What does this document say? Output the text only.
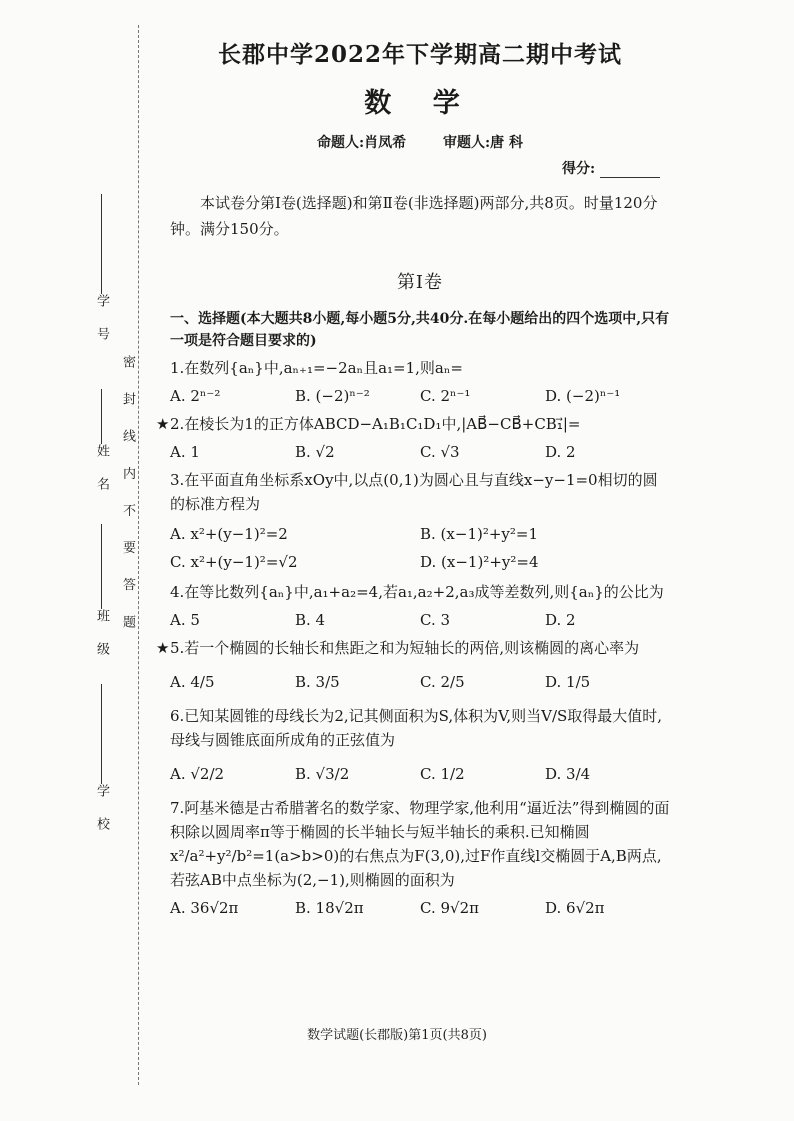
密 封 线 内 不 要 答 题
学 号
姓 名
班 级
学 校
长郡中学2022年下学期高二期中考试
数 学
命题人:肖凤希	审题人:唐 科
得分:
本试卷分第Ⅰ卷(选择题)和第Ⅱ卷(非选择题)两部分,共8页。时量120分钟。满分150分。
第Ⅰ卷
一、选择题(本大题共8小题,每小题5分,共40分.在每小题给出的四个选项中,只有一项是符合题目要求的)
1.在数列{aₙ}中,aₙ₊₁=−2aₙ且a₁=1,则aₙ=
A. 2ⁿ⁻²	B. (−2)ⁿ⁻²	C. 2ⁿ⁻¹	D. (−2)ⁿ⁻¹
★ 2.在棱长为1的正方体ABCD−A₁B₁C₁D₁中,|AB⃗−CB⃗+CB₁⃗|=
A. 1	B. √2	C. √3	D. 2
3.在平面直角坐标系xOy中,以点(0,1)为圆心且与直线x−y−1=0相切的圆的标准方程为
A. x²+(y−1)²=2	B. (x−1)²+y²=1
C. x²+(y−1)²=√2	D. (x−1)²+y²=4
4.在等比数列{aₙ}中,a₁+a₂=4,若a₁,a₂+2,a₃成等差数列,则{aₙ}的公比为
A. 5	B. 4	C. 3	D. 2
★ 5.若一个椭圆的长轴长和焦距之和为短轴长的两倍,则该椭圆的离心率为
A. 4/5	B. 3/5	C. 2/5	D. 1/5
6.已知某圆锥的母线长为2,记其侧面积为S,体积为V,则当V/S取得最大值时,母线与圆锥底面所成角的正弦值为
A. √2/2	B. √3/2	C. 1/2	D. 3/4
7.阿基米德是古希腊著名的数学家、物理学家,他利用“逼近法”得到椭圆的面积除以圆周率π等于椭圆的长半轴长与短半轴长的乘积.已知椭圆x²/a²+y²/b²=1(a>b>0)的右焦点为F(3,0),过F作直线l交椭圆于A,B两点,若弦AB中点坐标为(2,−1),则椭圆的面积为
A. 36√2π	B. 18√2π	C. 9√2π	D. 6√2π
数学试题(长郡版)第1页(共8页)
